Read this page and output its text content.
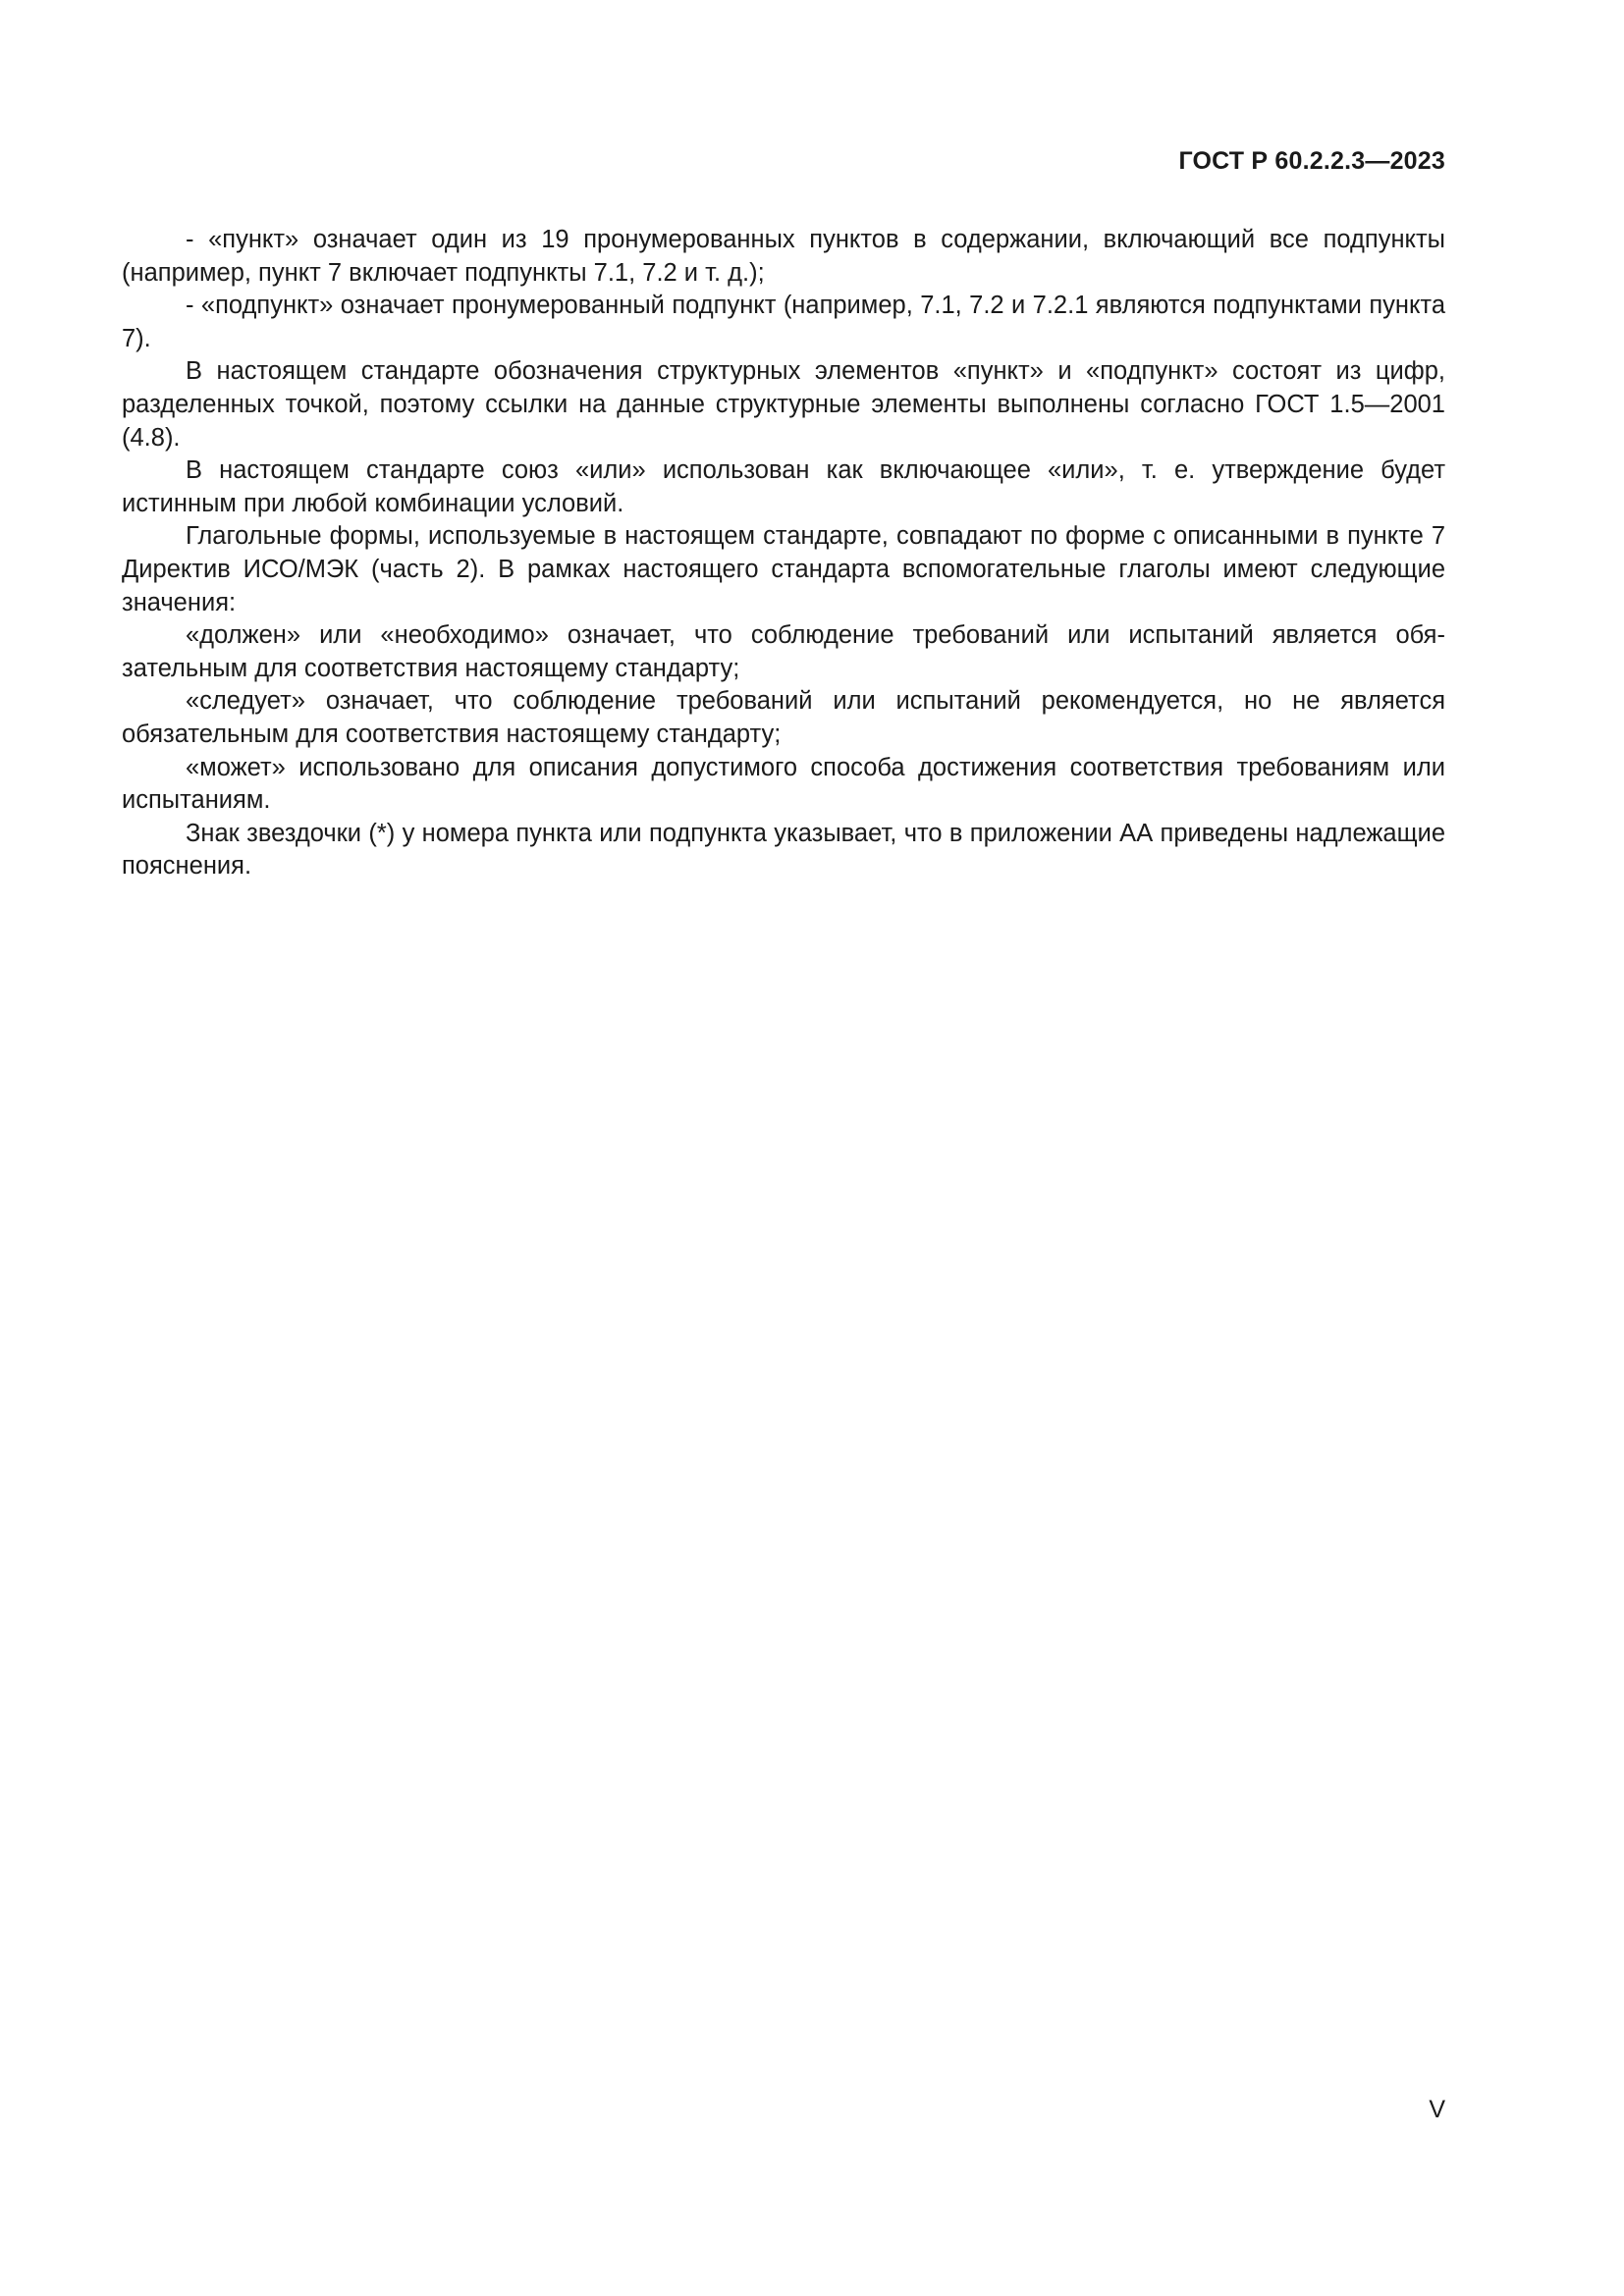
ГОСТ Р 60.2.2.3—2023

- «пункт» означает один из 19 пронумерованных пунктов в содержании, включающий все подпункты (например, пункт 7 включает подпункты 7.1, 7.2 и т. д.);

- «подпункт» означает пронумерованный подпункт (например, 7.1, 7.2 и 7.2.1 являются подпунктами пункта 7).

В настоящем стандарте обозначения структурных элементов «пункт» и «подпункт» состоят из цифр, разделенных точкой, поэтому ссылки на данные структурные элементы выполнены согласно ГОСТ 1.5—2001 (4.8).

В настоящем стандарте союз «или» использован как включающее «или», т. е. утверждение будет истинным при любой комбинации условий.

Глагольные формы, используемые в настоящем стандарте, совпадают по форме с описанными в пункте 7 Директив ИСО/МЭК (часть 2). В рамках настоящего стандарта вспомогательные глаголы имеют следующие значения:

«должен» или «необходимо» означает, что соблюдение требований или испытаний является обязательным для соответствия настоящему стандарту;

«следует» означает, что соблюдение требований или испытаний рекомендуется, но не является обязательным для соответствия настоящему стандарту;

«может» использовано для описания допустимого способа достижения соответствия требованиям или испытаниям.

Знак звездочки (*) у номера пункта или подпункта указывает, что в приложении АА приведены надлежащие пояснения.

V
